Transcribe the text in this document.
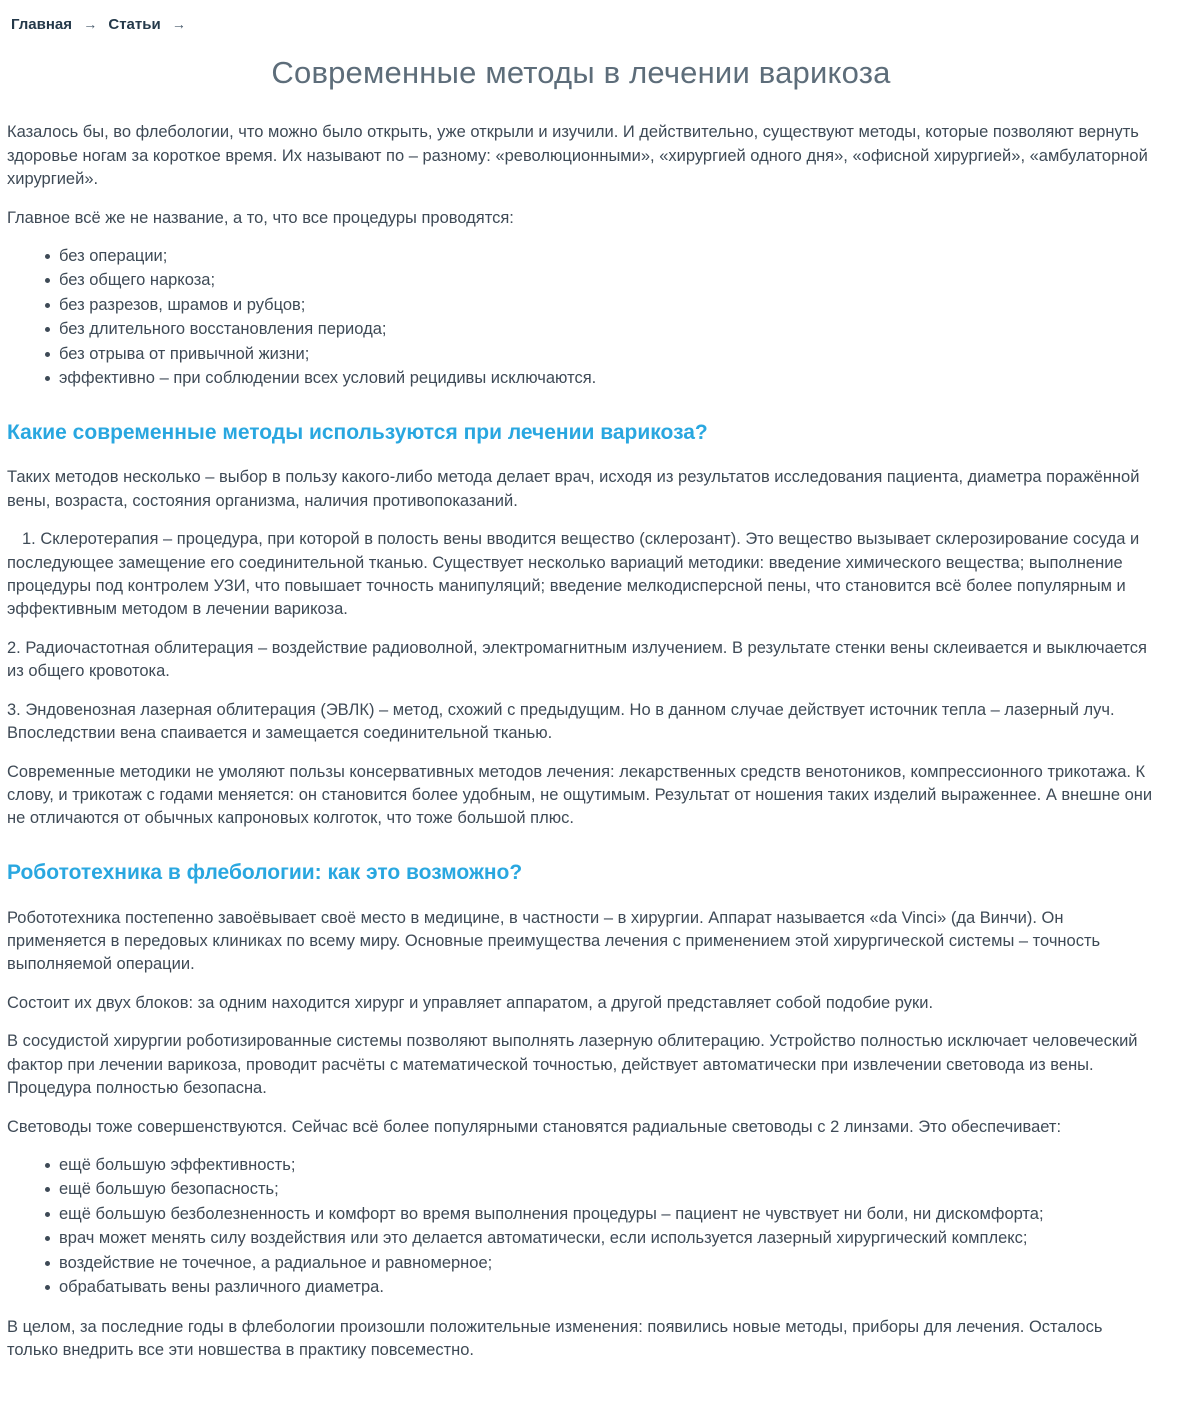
Главная → Статьи →
Современные методы в лечении варикоза

Казалось бы, во флебологии, что можно было открыть, уже открыли и изучили. И действительно, существуют методы, которые позволяют вернуть здоровье ногам за короткое время. Их называют по – разному: «революционными», «хирургией одного дня», «офисной хирургией», «амбулаторной хирургией».

Главное всё же не название, а то, что все процедуры проводятся:

без операции;
без общего наркоза;
без разрезов, шрамов и рубцов;
без длительного восстановления периода;
без отрыва от привычной жизни;
эффективно – при соблюдении всех условий рецидивы исключаются.
Какие современные методы используются при лечении варикоза?

Таких методов несколько – выбор в пользу какого-либо метода делает врач, исходя из результатов исследования пациента, диаметра поражённой вены, возраста, состояния организма, наличия противопоказаний.

1. Склеротерапия – процедура, при которой в полость вены вводится вещество (склерозант). Это вещество вызывает склерозирование сосуда и последующее замещение его соединительной тканью. Существует несколько вариаций методики: введение химического вещества; выполнение процедуры под контролем УЗИ, что повышает точность манипуляций; введение мелкодисперсной пены, что становится всё более популярным и эффективным методом в лечении варикоза.

2. Радиочастотная облитерация – воздействие радиоволной, электромагнитным излучением. В результате стенки вены склеивается и выключается из общего кровотока.

3. Эндовенозная лазерная облитерация (ЭВЛК) – метод, схожий с предыдущим. Но в данном случае действует источник тепла – лазерный луч. Впоследствии вена спаивается и замещается соединительной тканью.

Современные методики не умоляют пользы консервативных методов лечения: лекарственных средств венотоников, компрессионного трикотажа. К слову, и трикотаж с годами меняется: он становится более удобным, не ощутимым. Результат от ношения таких изделий выраженнее. А внешне они не отличаются от обычных капроновых колготок, что тоже большой плюс.

Робототехника в флебологии: как это возможно?

Робототехника постепенно завоёвывает своё место в медицине, в частности – в хирургии. Аппарат называется «da Vinci» (да Винчи). Он применяется в передовых клиниках по всему миру. Основные преимущества лечения с применением этой хирургической системы – точность выполняемой операции.

Состоит их двух блоков: за одним находится хирург и управляет аппаратом, а другой представляет собой подобие руки.

В сосудистой хирургии роботизированные системы позволяют выполнять лазерную облитерацию. Устройство полностью исключает человеческий фактор при лечении варикоза, проводит расчёты с математической точностью, действует автоматически при извлечении световода из вены. Процедура полностью безопасна.

Световоды тоже совершенствуются. Сейчас всё более популярными становятся радиальные световоды с 2 линзами. Это обеспечивает:

ещё большую эффективность;
ещё большую безопасность;
ещё большую безболезненность и комфорт во время выполнения процедуры – пациент не чувствует ни боли, ни дискомфорта;
врач может менять силу воздействия или это делается автоматически, если используется лазерный хирургический комплекс;
воздействие не точечное, а радиальное и равномерное;
обрабатывать вены различного диаметра.

В целом, за последние годы в флебологии произошли положительные изменения: появились новые методы, приборы для лечения. Осталось только внедрить все эти новшества в практику повсеместно.
